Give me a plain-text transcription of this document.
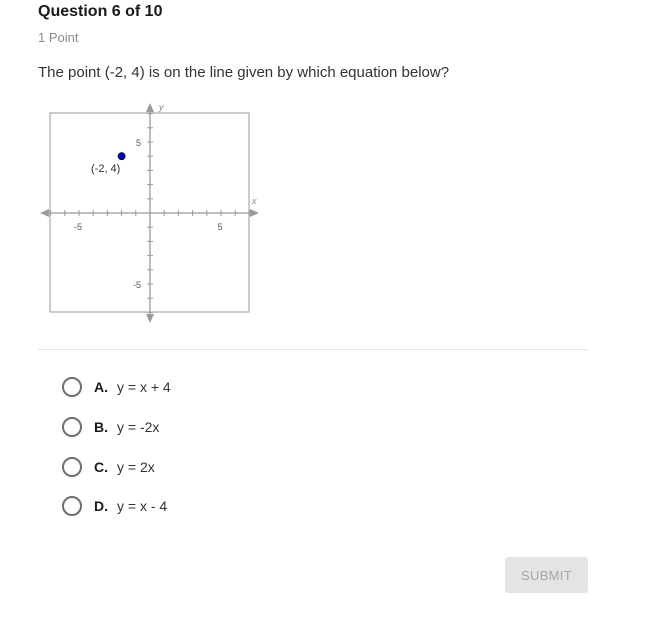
Question 6 of 10
1 Point
The point (-2, 4) is on the line given by which equation below?
x
y
-5	5
5
-5
(-2, 4)
A. y = x + 4
B. y = -2x
C. y = 2x
D. y = x - 4
SUBMIT
